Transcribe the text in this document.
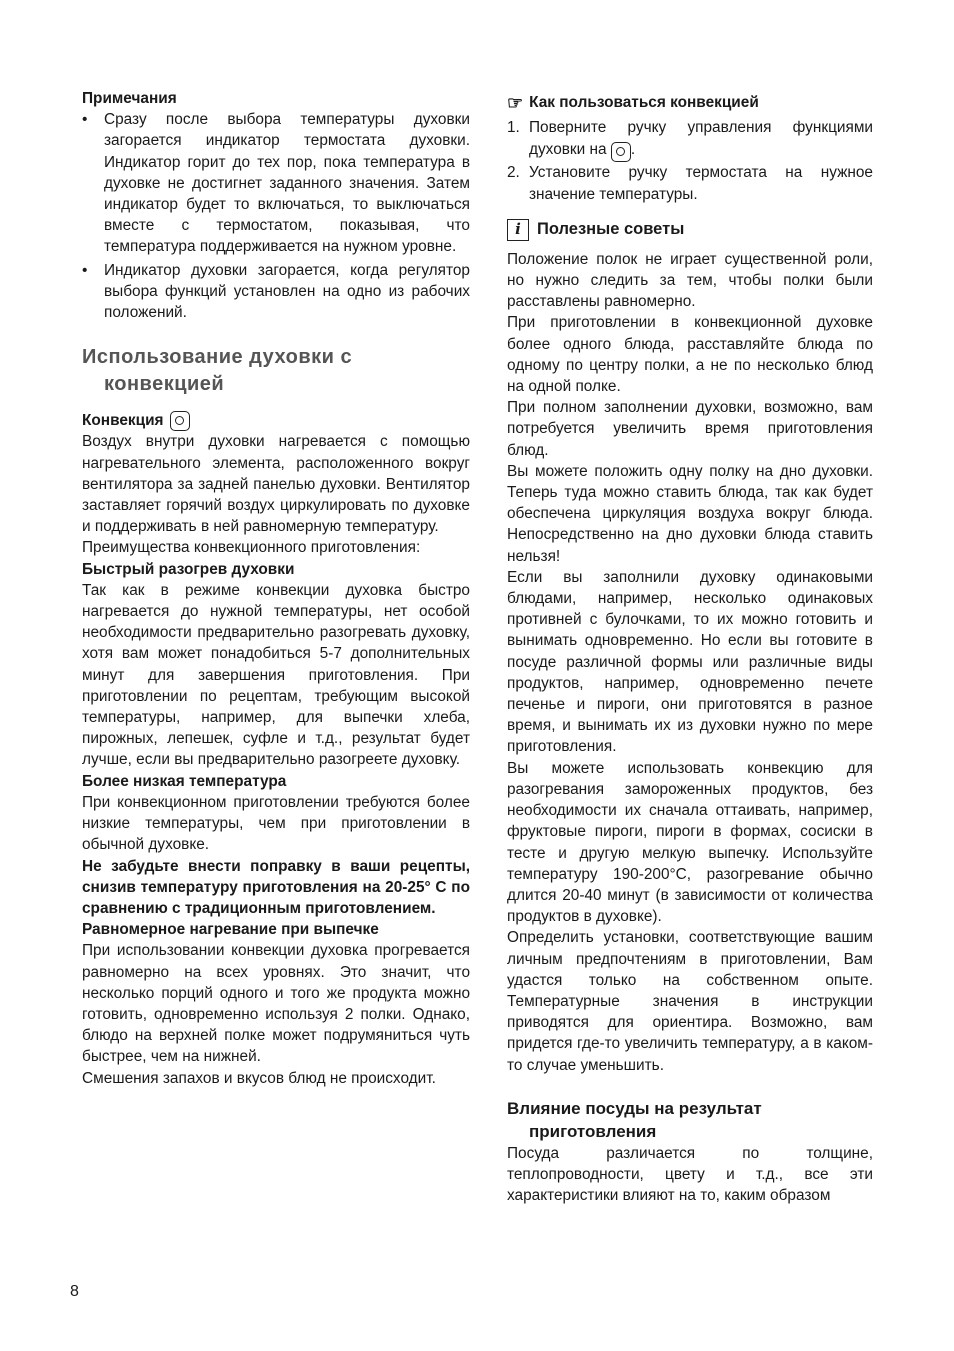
Примечания

• Сразу после выбора температуры духовки загорается индикатор термостата духовки. Индикатор горит до тех пор, пока температура в духовке не достигнет заданного значения. Затем индикатор будет то включаться, то выключаться вместе с термостатом, показывая, что температура поддерживается на нужном уровне.
• Индикатор духовки загорается, когда регулятор выбора функций установлен на одно из рабочих положений.
Использование духовки с
конвекцией
Конвекция

Воздух внутри духовки нагревается с помощью нагревательного элемента, расположенного вокруг вентилятора за задней панелью духовки. Вентилятор заставляет горячий воздух циркулировать по духовке и поддерживать в ней равномерную температуру.

Преимущества конвекционного приготовления:

Быстрый разогрев духовки

Так как в режиме конвекции духовка быстро нагревается до нужной температуры, нет особой необходимости предварительно разогревать духовку, хотя вам может понадобиться 5-7 дополнительных минут для завершения приготовления. При приготовлении по рецептам, требующим высокой температуры, например, для выпечки хлеба, пирожных, лепешек, суфле и т.д., результат будет лучше, если вы предварительно разогреете духовку.

Более низкая температура

При конвекционном приготовлении требуются более низкие температуры, чем при приготовлении в обычной духовке.

Не забудьте внести поправку в ваши рецепты, снизив температуру приготовления на 20-25° С по сравнению с традиционным приготовлением.

Равномерное нагревание при выпечке

При использовании конвекции духовка прогревается равномерно на всех уровнях. Это значит, что несколько порций одного и того же продукта можно готовить, одновременно используя 2 полки. Однако, блюдо на верхней полке может подрумяниться чуть быстрее, чем на нижней.

Смешения запахов и вкусов блюд не происходит.

☞ Как пользоваться конвекцией
1. Поверните ручку управления функциями духовки на .
2. Установите ручку термостата на нужное значение температуры.
i Полезные советы

Положение полок не играет существенной роли, но нужно следить за тем, чтобы полки были расставлены равномерно.

При приготовлении в конвекционной духовке более одного блюда, расставляйте блюда по одному по центру полки, а не по несколько блюд на одной полке.

При полном заполнении духовки, возможно, вам потребуется увеличить время приготовления блюд.

Вы можете положить одну полку на дно духовки. Теперь туда можно ставить блюда, так как будет обеспечена циркуляция воздуха вокруг блюда. Непосредственно на дно духовки блюда ставить нельзя!

Если вы заполнили духовку одинаковыми блюдами, например, несколько одинаковых противней с булочками, то их можно готовить и вынимать одновременно. Но если вы готовите в посуде различной формы или различные виды продуктов, например, одновременно печете печенье и пироги, они приготовятся в разное время, и вынимать их из духовки нужно по мере приготовления.

Вы можете использовать конвекцию для разогревания замороженных продуктов, без необходимости их сначала оттаивать, например, фруктовые пироги, пироги в формах, сосиски в тесте и другую мелкую выпечку. Используйте температуру 190-200°C, разогревание обычно длится 20-40 минут (в зависимости от количества продуктов в духовке).

Определить установки, соответствующие вашим личным предпочтениям в приготовлении, Вам удастся только на собственном опыте. Температурные значения в инструкции приводятся для ориентира. Возможно, вам придется где-то увеличить температуру, а в каком-то случае уменьшить.

Влияние посуды на результат
приготовления

Посуда различается по толщине, теплопроводности, цвету и т.д., все эти характеристики влияют на то, каким образом

8
